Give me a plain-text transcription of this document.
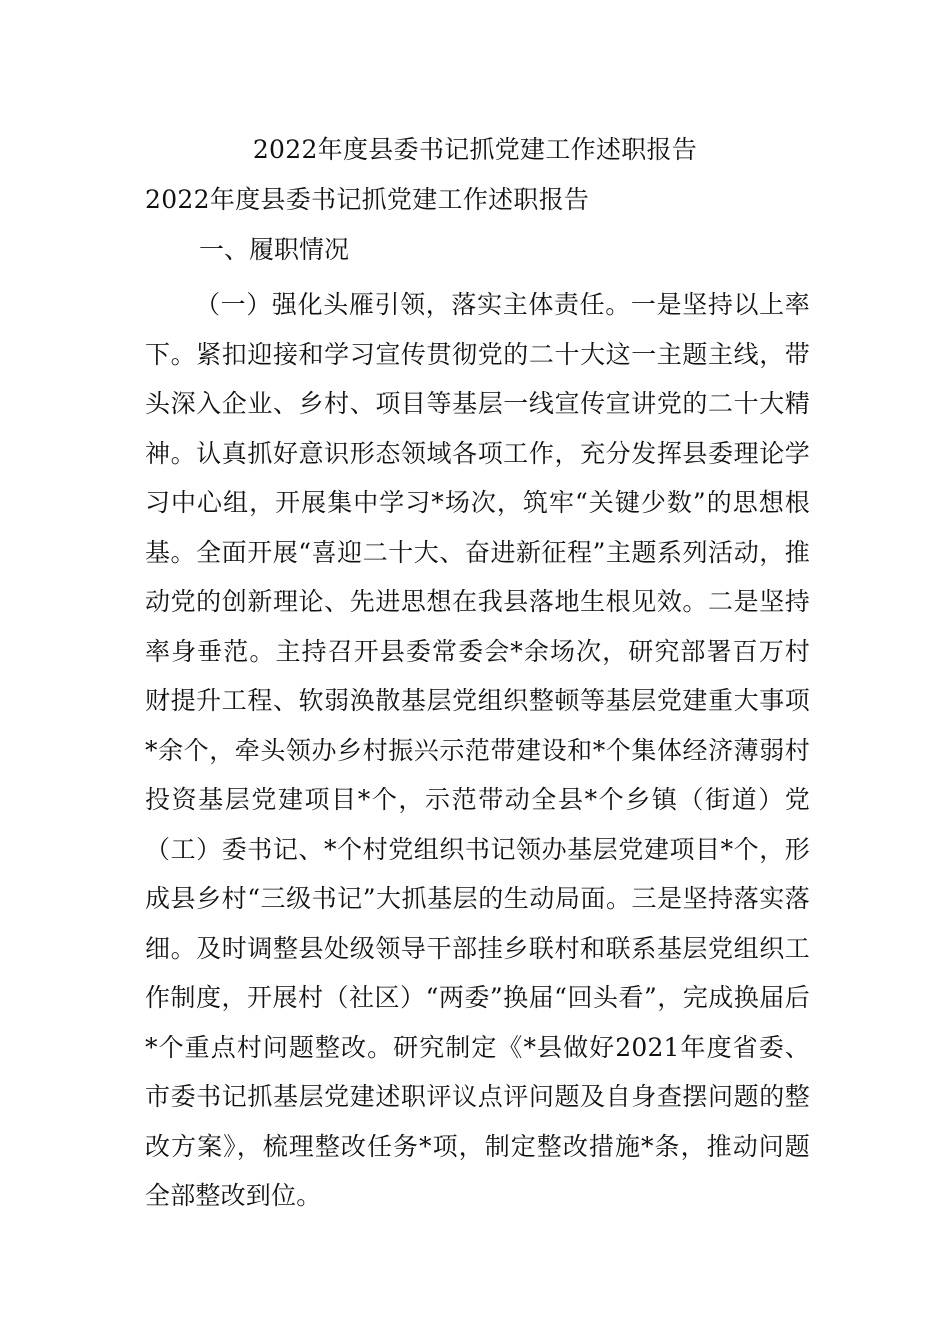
2022年度县委书记抓党建工作述职报告
2022年度县委书记抓党建工作述职报告
一、履职情况
（一）强化头雁引领，落实主体责任。一是坚持以上率下。紧扣迎接和学习宣传贯彻党的二十大这一主题主线，带头深入企业、乡村、项目等基层一线宣传宣讲党的二十大精神。认真抓好意识形态领域各项工作，充分发挥县委理论学习中心组，开展集中学习*场次，筑牢“关键少数”的思想根基。全面开展“喜迎二十大、奋进新征程”主题系列活动，推动党的创新理论、先进思想在我县落地生根见效。二是坚持率身垂范。主持召开县委常委会*余场次，研究部署百万村财提升工程、软弱涣散基层党组织整顿等基层党建重大事项*余个，牵头领办乡村振兴示范带建设和*个集体经济薄弱村投资基层党建项目*个，示范带动全县*个乡镇（街道）党（工）委书记、*个村党组织书记领办基层党建项目*个，形成县乡村“三级书记”大抓基层的生动局面。三是坚持落实落细。及时调整县处级领导干部挂乡联村和联系基层党组织工作制度，开展村（社区）“两委”换届“回头看”，完成换届后*个重点村问题整改。研究制定《*县做好2021年度省委、市委书记抓基层党建述职评议点评问题及自身查摆问题的整改方案》，梳理整改任务*项，制定整改措施*条，推动问题全部整改到位。
